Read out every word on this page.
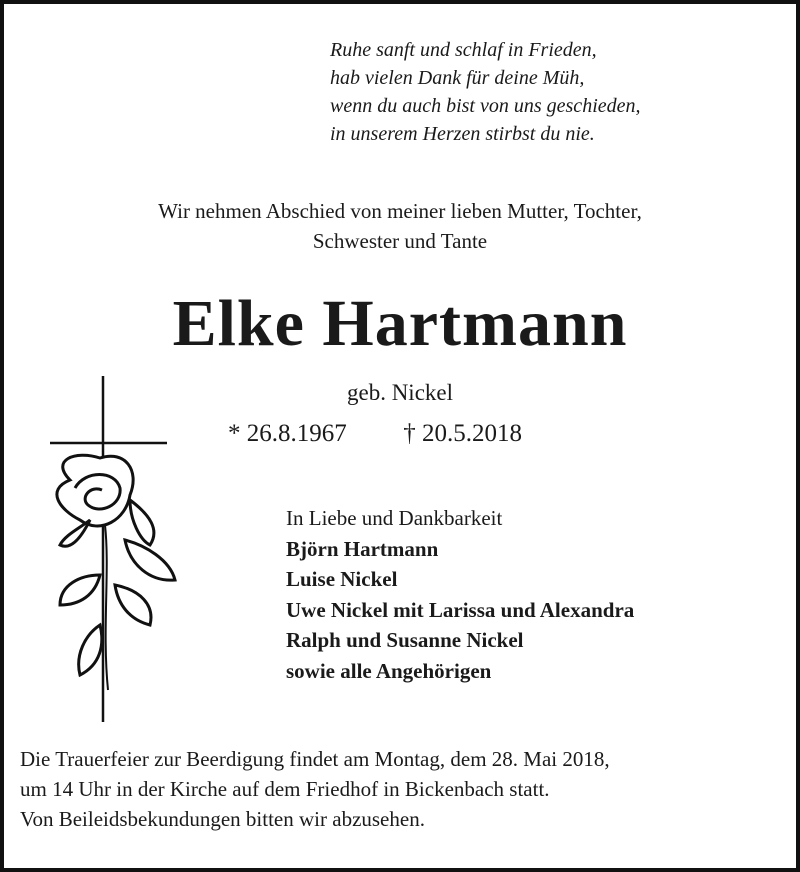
Ruhe sanft und schlaf in Frieden,
hab vielen Dank für deine Müh,
wenn du auch bist von uns geschieden,
in unserem Herzen stirbst du nie.
Wir nehmen Abschied von meiner lieben Mutter, Tochter,
Schwester und Tante
Elke Hartmann
geb. Nickel
* 26.8.1967 † 20.5.2018
In Liebe und Dankbarkeit
Björn Hartmann
Luise Nickel
Uwe Nickel mit Larissa und Alexandra
Ralph und Susanne Nickel
sowie alle Angehörigen
Die Trauerfeier zur Beerdigung findet am Montag, dem 28. Mai 2018,
um 14 Uhr in der Kirche auf dem Friedhof in Bickenbach statt.
Von Beileidsbekundungen bitten wir abzusehen.
